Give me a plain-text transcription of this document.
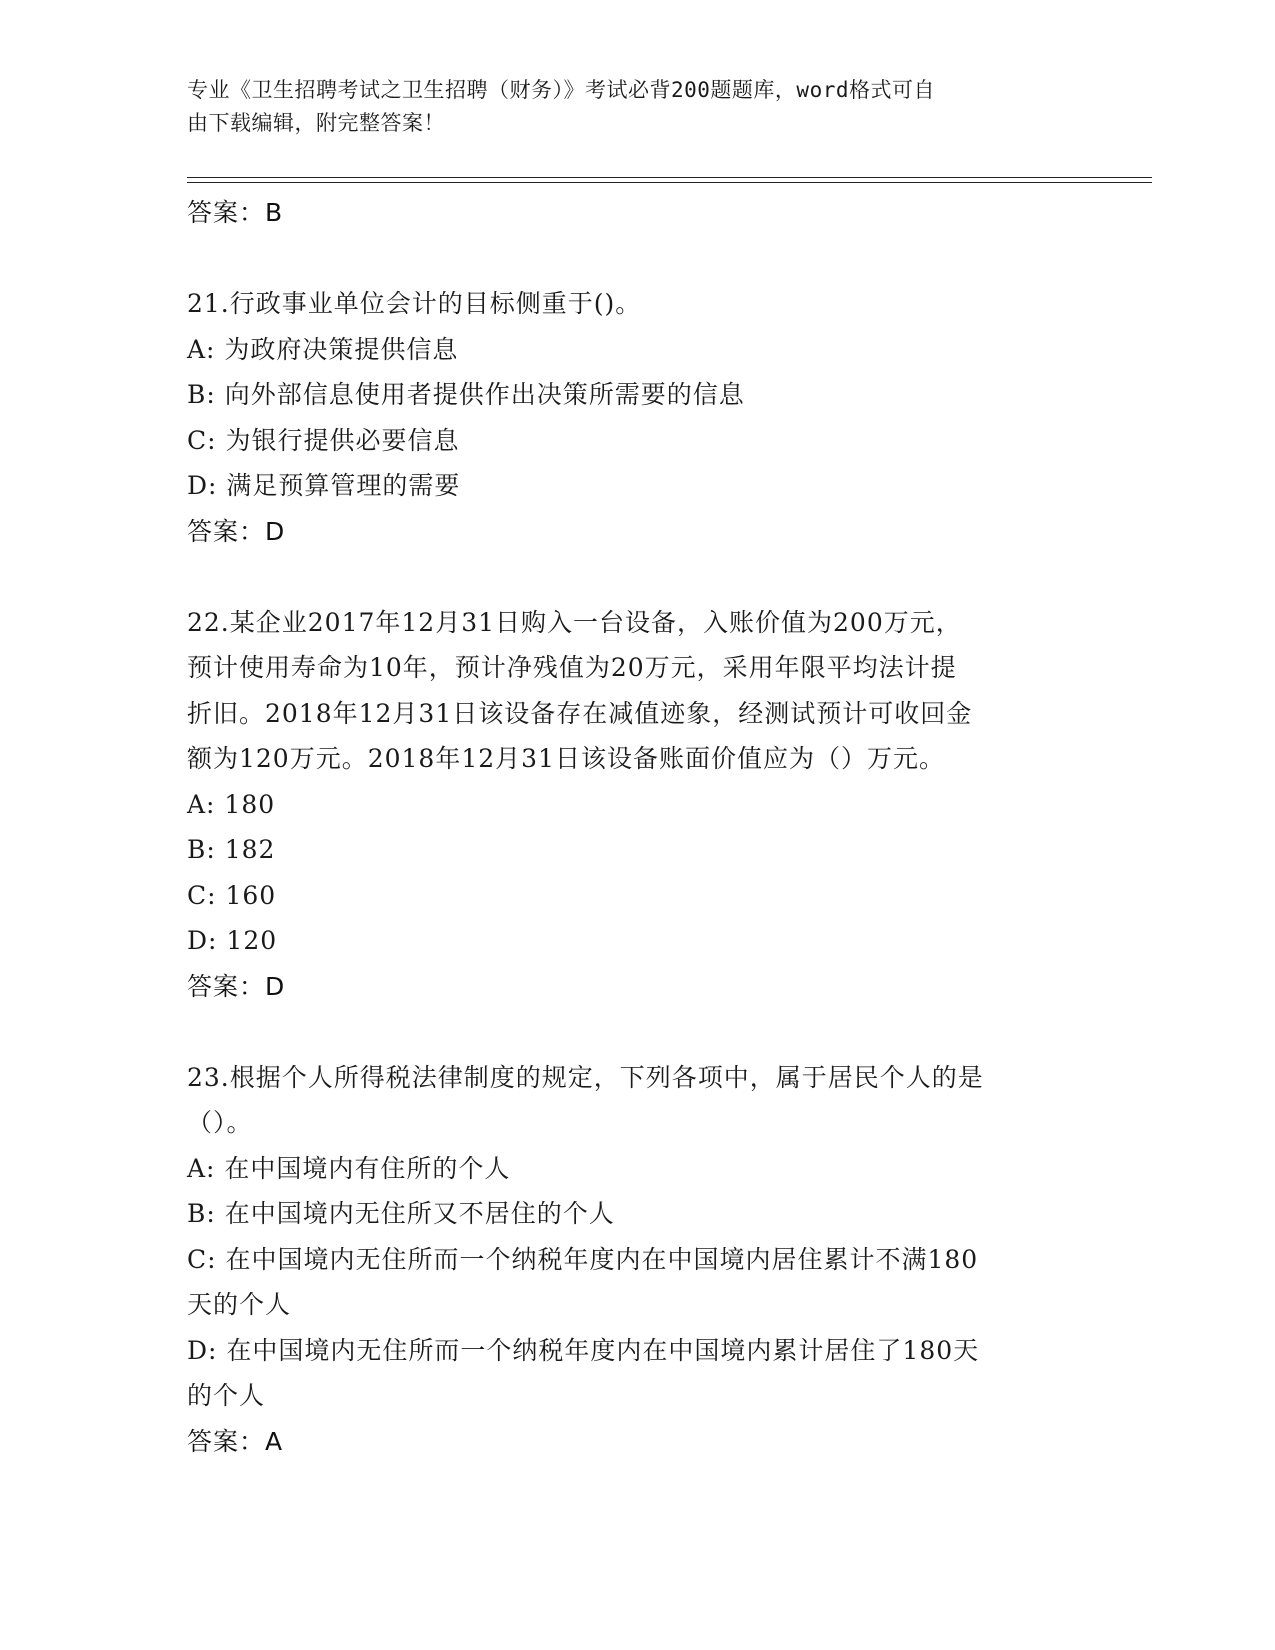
专业《卫生招聘考试之卫生招聘（财务）》考试必背200题题库，word格式可自
由下载编辑，附完整答案！
答案：B
21.行政事业单位会计的目标侧重于()。
A: 为政府决策提供信息
B: 向外部信息使用者提供作出决策所需要的信息
C: 为银行提供必要信息
D: 满足预算管理的需要
答案：D
22.某企业2017年12月31日购入一台设备，入账价值为200万元，
预计使用寿命为10年，预计净残值为20万元，采用年限平均法计提
折旧。2018年12月31日该设备存在减值迹象，经测试预计可收回金
额为120万元。2018年12月31日该设备账面价值应为（）万元。
A: 180
B: 182
C: 160
D: 120
答案：D
23.根据个人所得税法律制度的规定，下列各项中，属于居民个人的是
（）。
A: 在中国境内有住所的个人
B: 在中国境内无住所又不居住的个人
C: 在中国境内无住所而一个纳税年度内在中国境内居住累计不满180
天的个人
D: 在中国境内无住所而一个纳税年度内在中国境内累计居住了180天
的个人
答案：A
